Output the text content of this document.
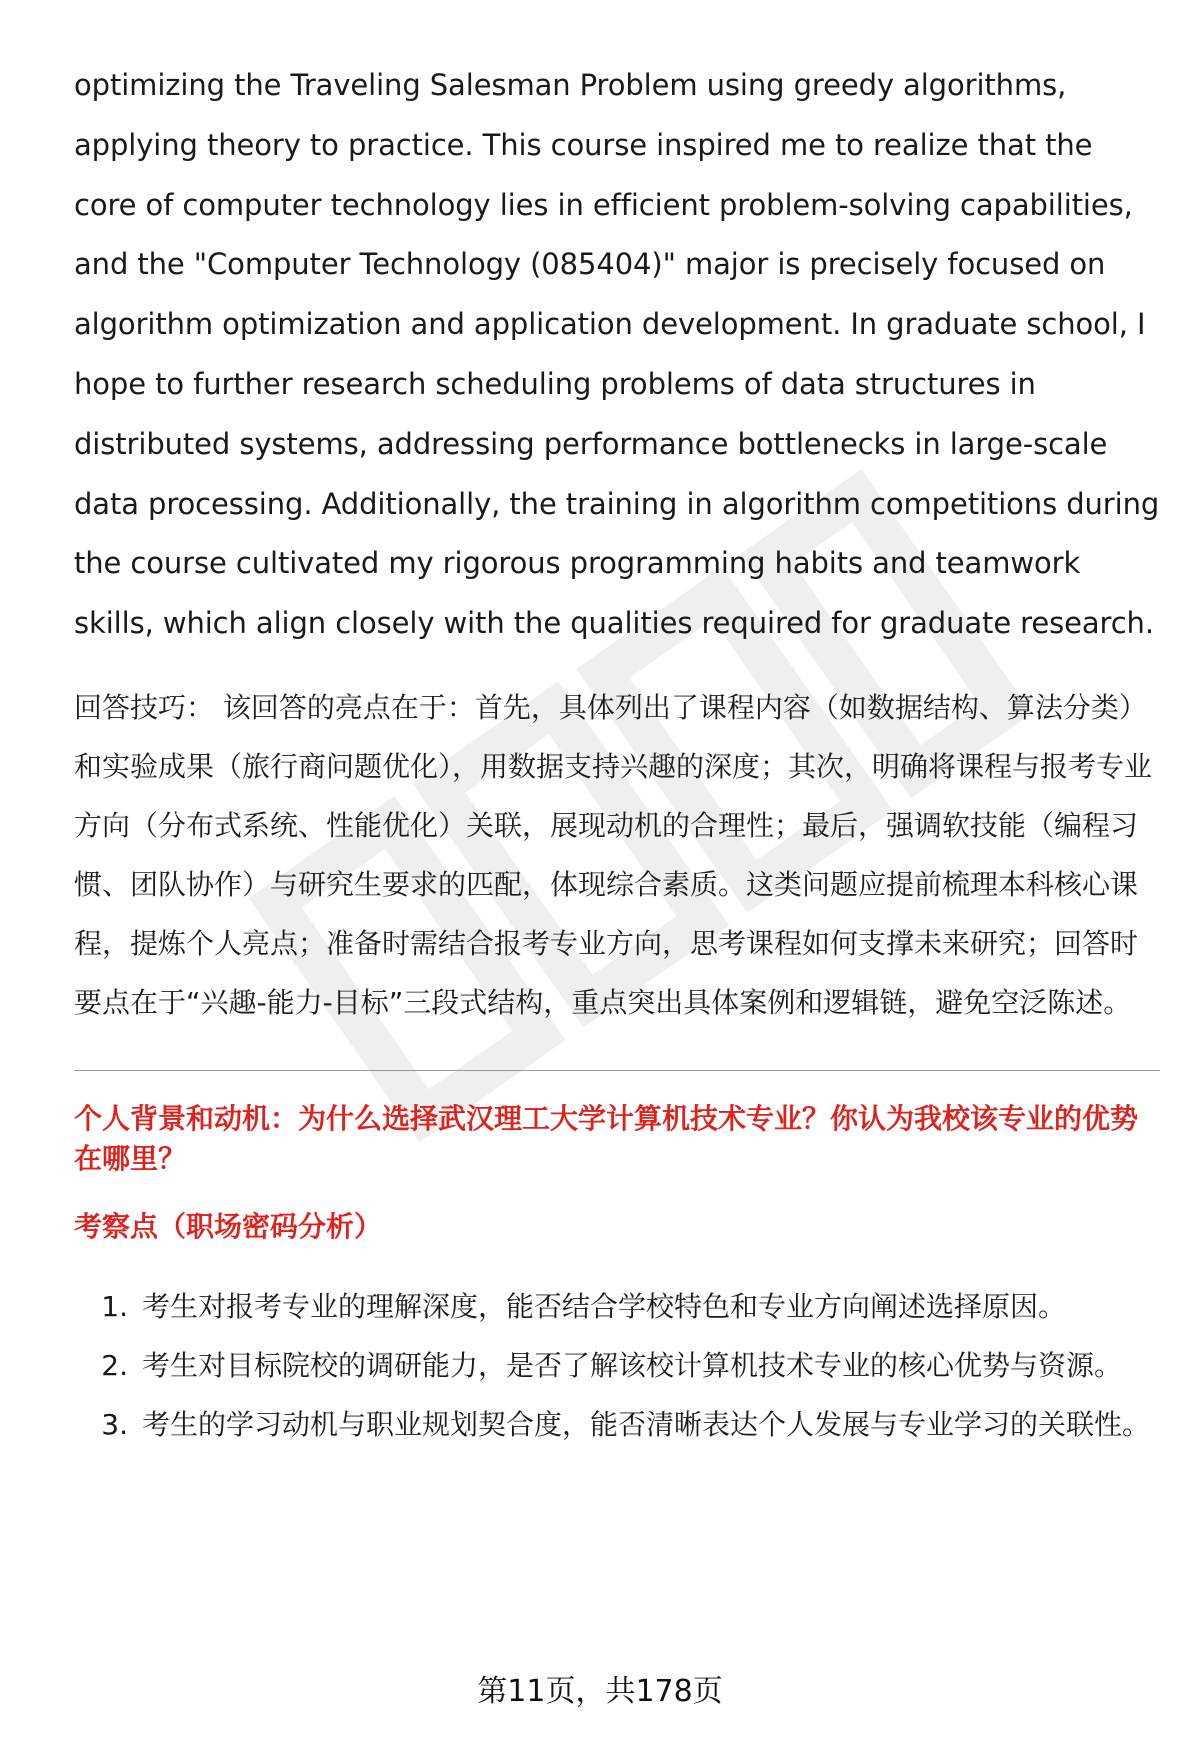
optimizing the Traveling Salesman Problem using greedy algorithms, applying theory to practice. This course inspired me to realize that the core of computer technology lies in efficient problem-solving capabilities, and the "Computer Technology (085404)" major is precisely focused on algorithm optimization and application development. In graduate school, I hope to further research scheduling problems of data structures in distributed systems, addressing performance bottlenecks in large-scale data processing. Additionally, the training in algorithm competitions during the course cultivated my rigorous programming habits and teamwork skills, which align closely with the qualities required for graduate research.

回答技巧： 该回答的亮点在于：首先，具体列出了课程内容（如数据结构、算法分类）和实验成果（旅行商问题优化），用数据支持兴趣的深度；其次，明确将课程与报考专业方向（分布式系统、性能优化）关联，展现动机的合理性；最后，强调软技能（编程习惯、团队协作）与研究生要求的匹配，体现综合素质。这类问题应提前梳理本科核心课程，提炼个人亮点；准备时需结合报考专业方向，思考课程如何支撑未来研究；回答时要点在于“兴趣-能力-目标”三段式结构，重点突出具体案例和逻辑链，避免空泛陈述。

个人背景和动机：为什么选择武汉理工大学计算机技术专业？你认为我校该专业的优势在哪里？
考察点（职场密码分析）
1. 考生对报考专业的理解深度，能否结合学校特色和专业方向阐述选择原因。
2. 考生对目标院校的调研能力，是否了解该校计算机技术专业的核心优势与资源。
3. 考生的学习动机与职业规划契合度，能否清晰表达个人发展与专业学习的关联性。
第11页，共178页
